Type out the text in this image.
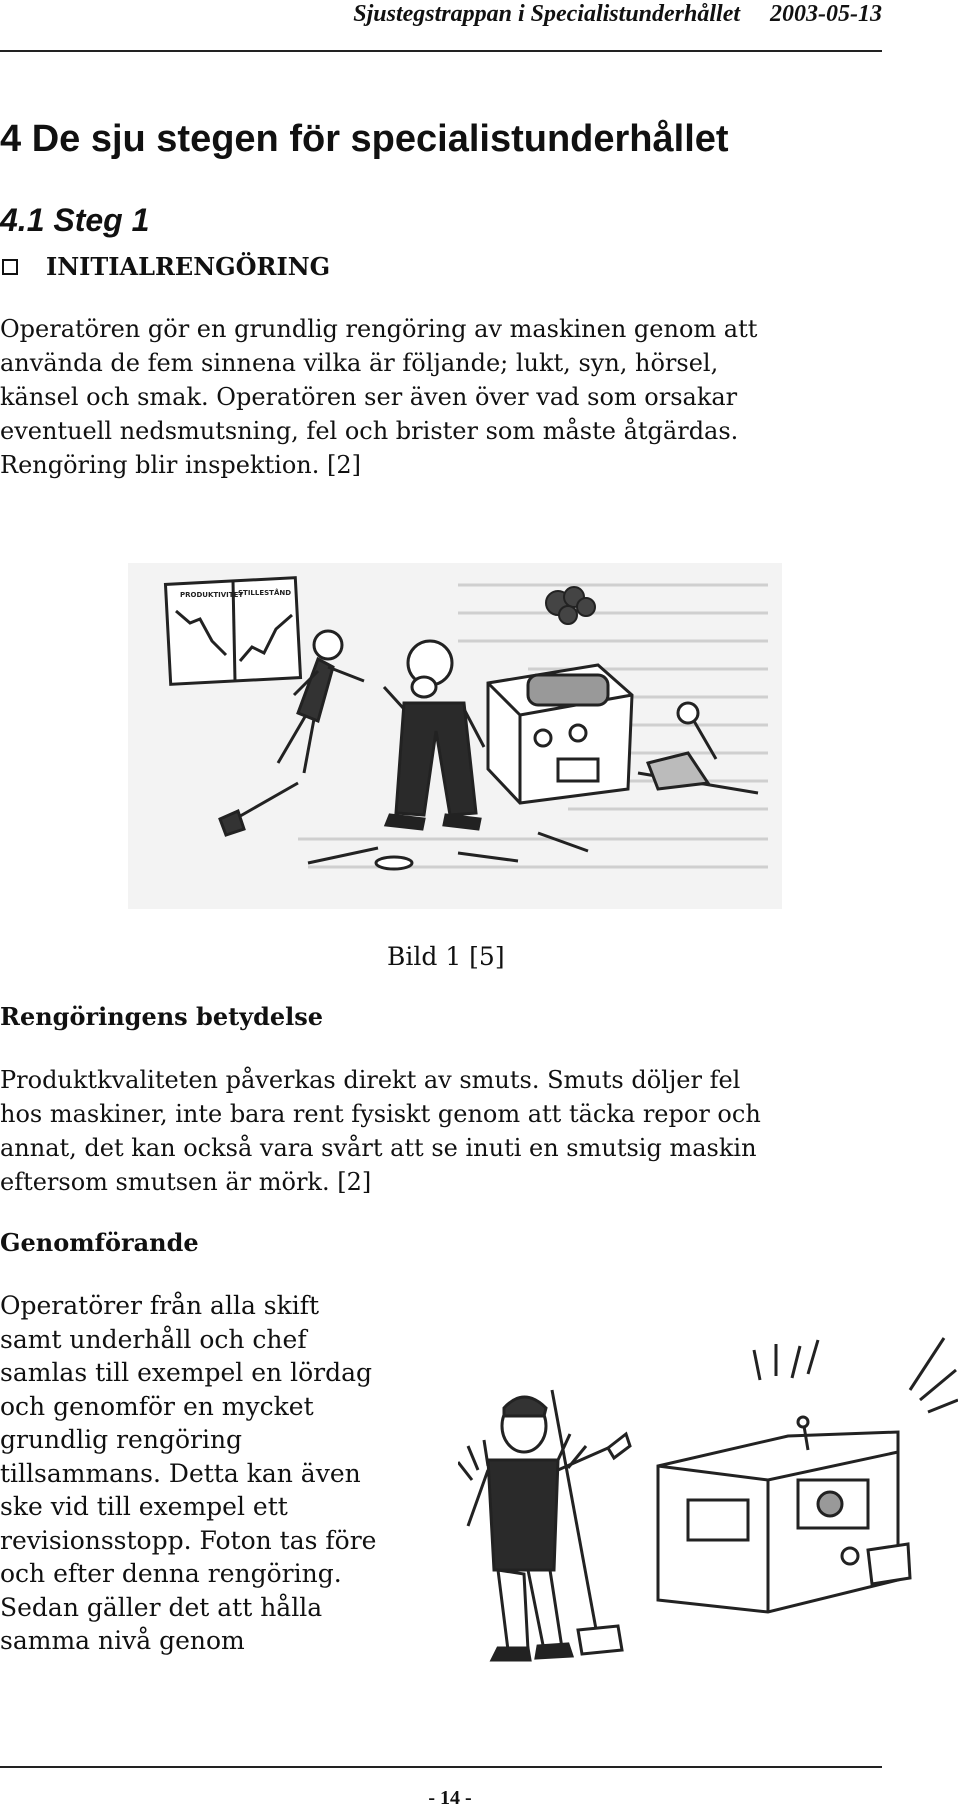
Sjustegstrappan i Specialistunderhållet 2003-05-13
4 De sju stegen för specialistunderhållet
4.1 Steg 1
INITIALRENGÖRING

Operatören gör en grundlig rengöring av maskinen genom att
använda de fem sinnena vilka är följande; lukt, syn, hörsel,
känsel och smak. Operatören ser även över vad som orsakar
eventuell nedsmutsning, fel och brister som måste åtgärdas.
Rengöring blir inspektion. [2]

PRODUKTIVITET
STILLESTÅND
Bild 1 [5]
Rengöringens betydelse

Produktkvaliteten påverkas direkt av smuts. Smuts döljer fel
hos maskiner, inte bara rent fysiskt genom att täcka repor och
annat, det kan också vara svårt att se inuti en smutsig maskin
eftersom smutsen är mörk. [2]

Genomförande

Operatörer från alla skift
samt underhåll och chef
samlas till exempel en lördag
och genomför en mycket
grundlig rengöring
tillsammans. Detta kan även
ske vid till exempel ett
revisionsstopp. Foton tas före
och efter denna rengöring.
Sedan gäller det att hålla
samma nivå genom

- 14 -
